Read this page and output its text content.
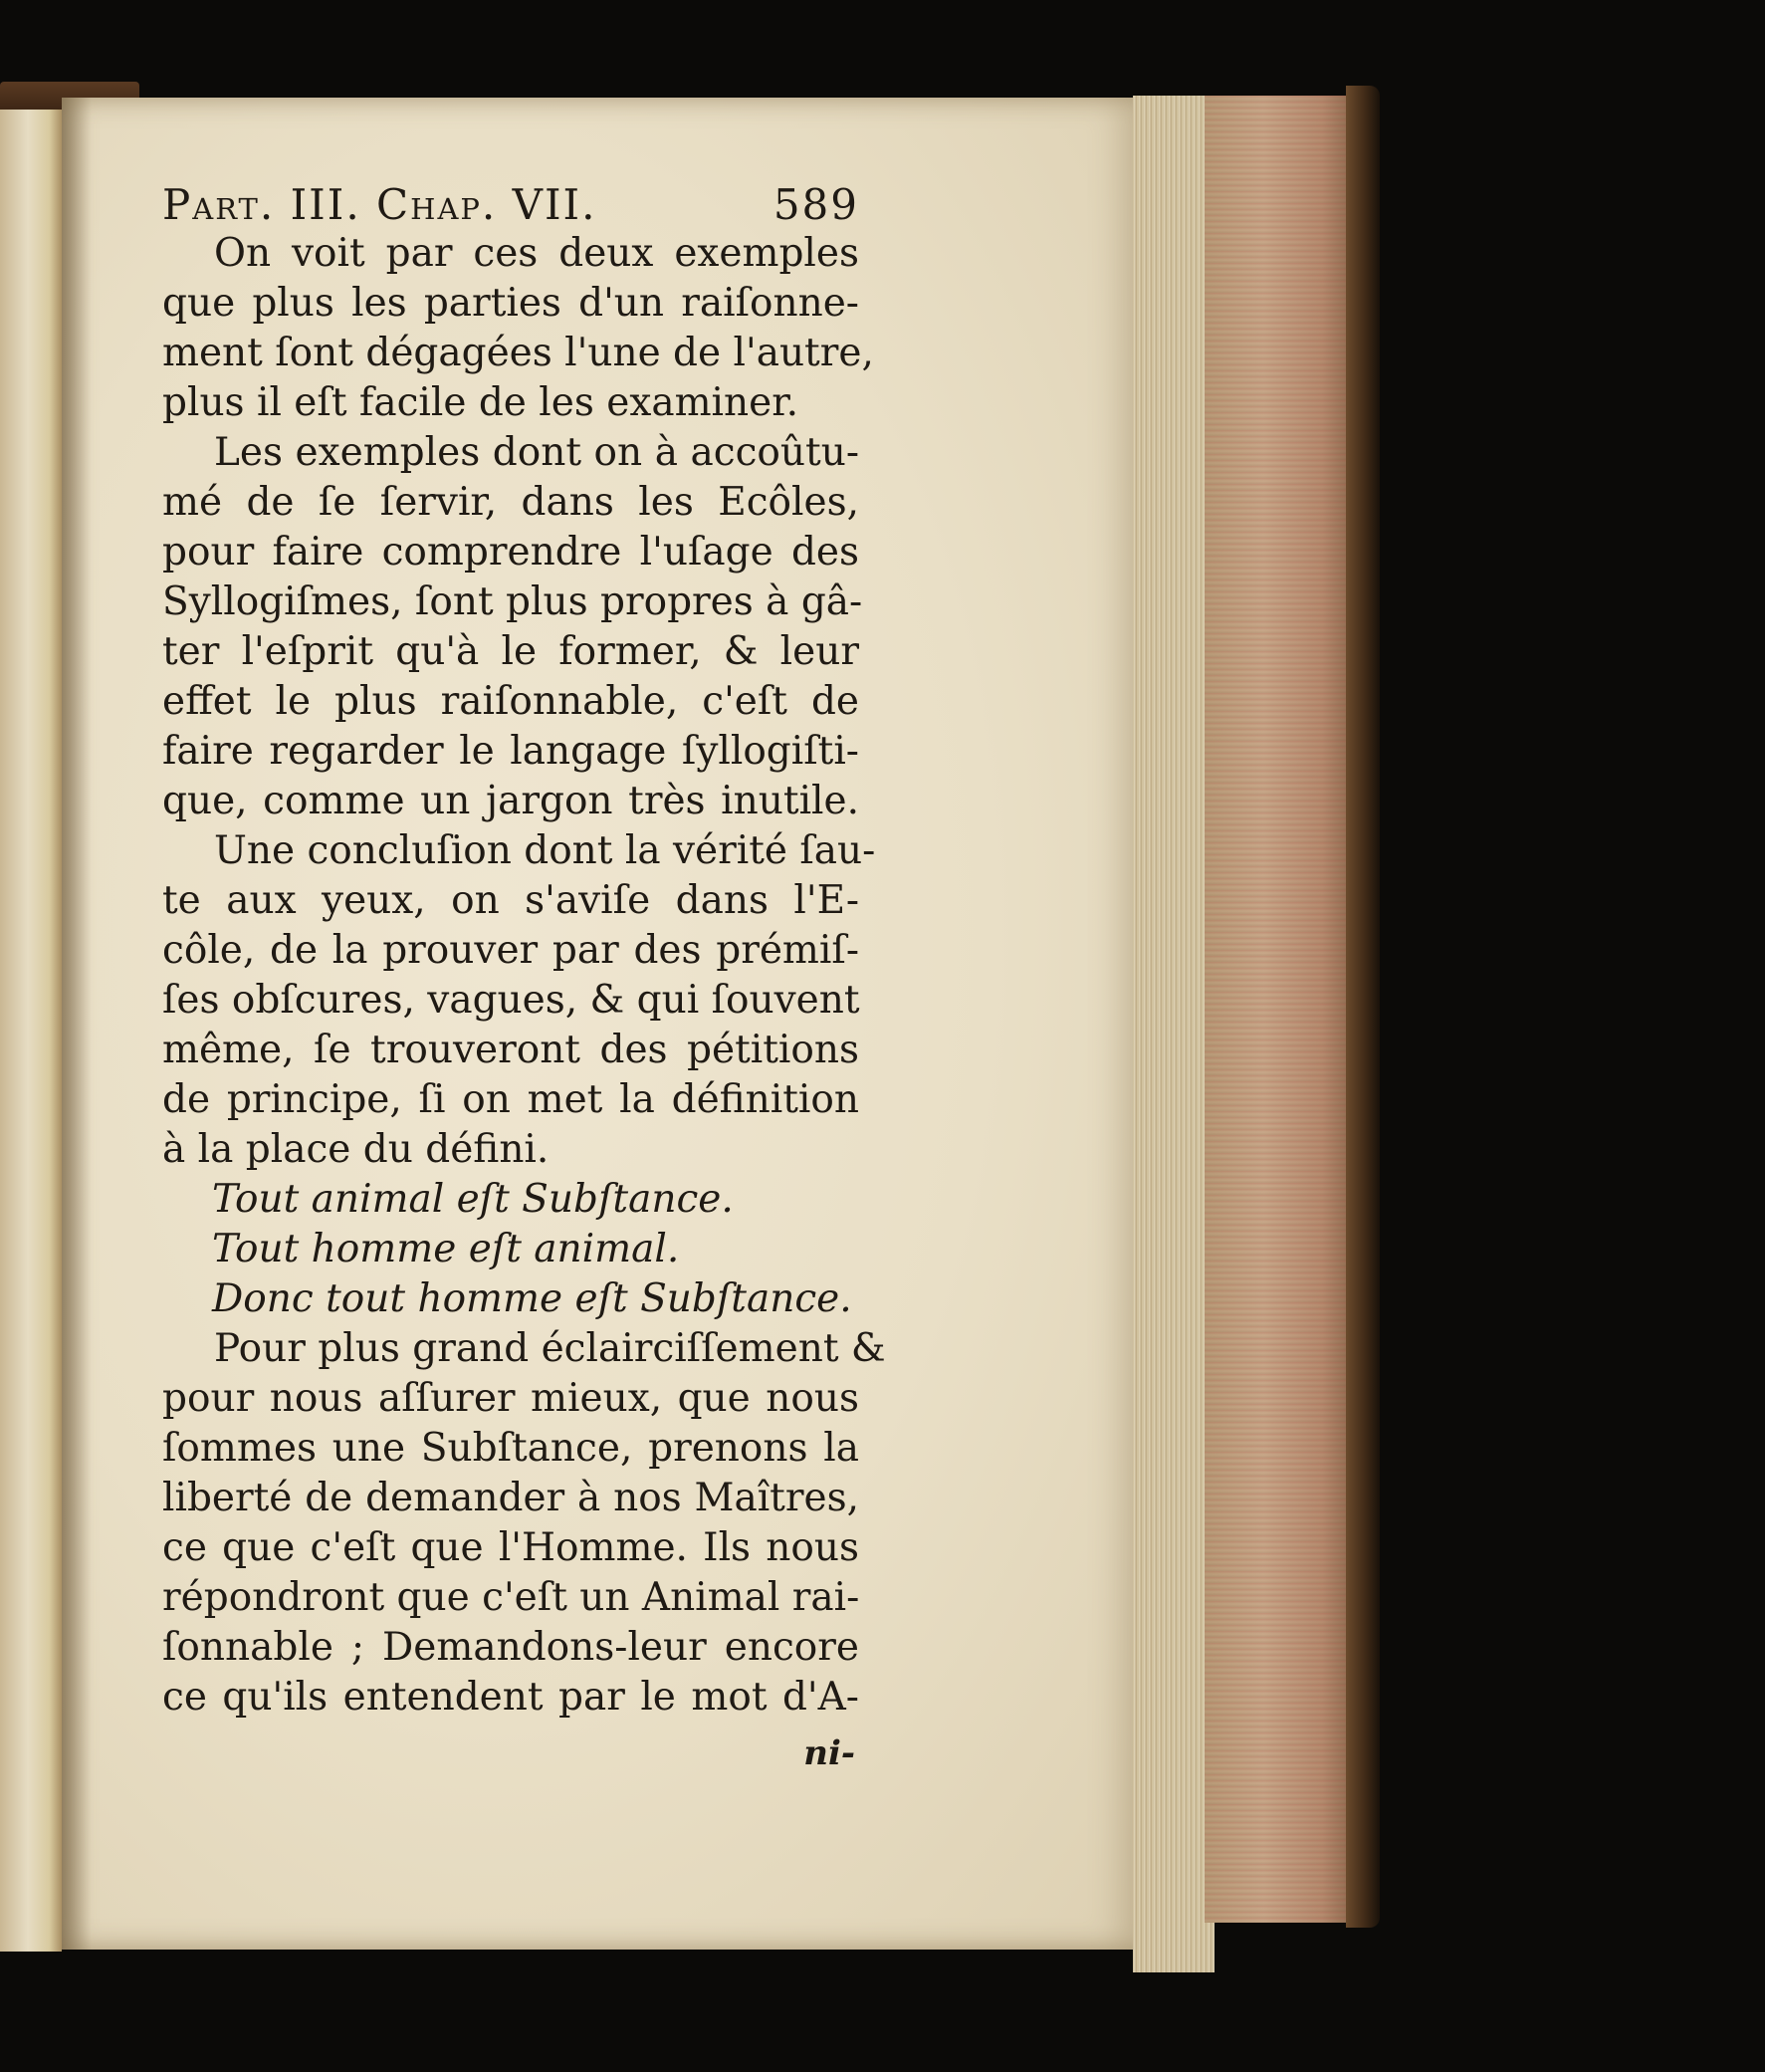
Part. III. Chap. VII.	589
On voit par ces deux exemples
que plus les parties d'un raiſonne-
ment ſont dégagées l'une de l'autre,
plus il eſt facile de les examiner.
Les exemples dont on à accoûtu-
mé de ſe ſervir, dans les Ecôles,
pour faire comprendre l'uſage des
Syllogiſmes, ſont plus propres à gâ-
ter l'eſprit qu'à le former, & leur
effet le plus raiſonnable, c'eſt de
faire regarder le langage ſyllogiſti-
que, comme un jargon très inutile.
Une concluſion dont la vérité ſau-
te aux yeux, on s'aviſe dans l'E-
côle, de la prouver par des prémiſ-
ſes obſcures, vagues, & qui ſouvent
même, ſe trouveront des pétitions
de principe, ſi on met la définition
à la place du défini.
Tout animal eſt Subſtance.
Tout homme eſt animal.
Donc tout homme eſt Subſtance.
Pour plus grand éclairciſſement &
pour nous aſſurer mieux, que nous
ſommes une Subſtance, prenons la
liberté de demander à nos Maîtres,
ce que c'eſt que l'Homme. Ils nous
répondront que c'eſt un Animal rai-
ſonnable ; Demandons-leur encore
ce qu'ils entendent par le mot d'A-
ni-
